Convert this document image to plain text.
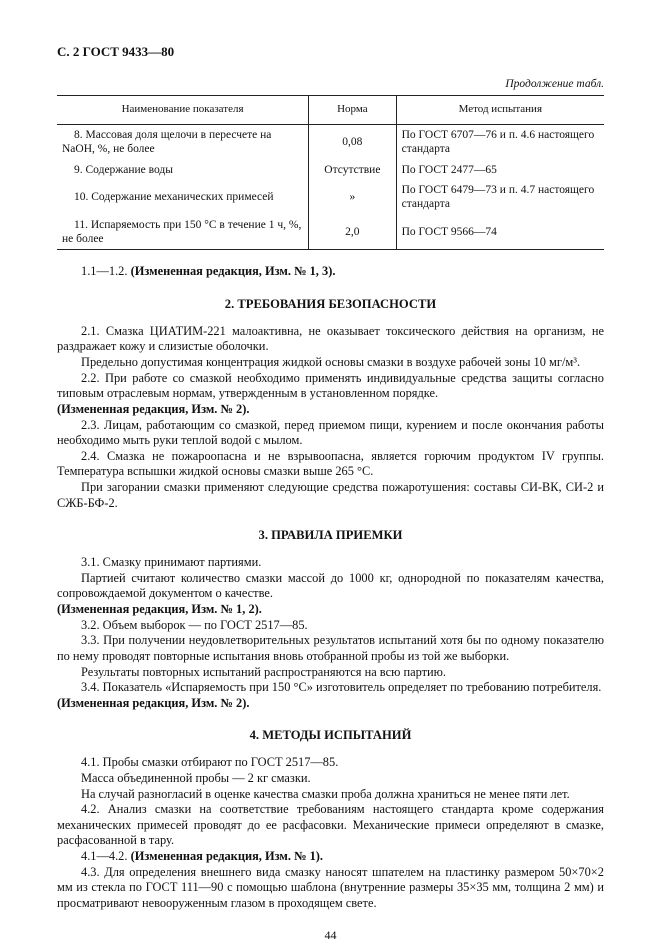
С. 2 ГОСТ 9433—80
Продолжение табл.
Наименование показателя	Норма	Метод испытания
8. Массовая доля щелочи в пересчете на NaOH, %, не более	0,08	По ГОСТ 6707—76 и п. 4.6 настоящего стандарта
9. Содержание воды	Отсутствие	По ГОСТ 2477—65
10. Содержание механических примесей	»	По ГОСТ 6479—73 и п. 4.7 настоящего стандарта
11. Испаряемость при 150 °С в течение 1 ч, %, не более	2,0	По ГОСТ 9566—74

1.1—1.2. (Измененная редакция, Изм. № 1, 3).

2. ТРЕБОВАНИЯ БЕЗОПАСНОСТИ

2.1. Смазка ЦИАТИМ-221 малоактивна, не оказывает токсического действия на организм, не раздражает кожу и слизистые оболочки.

Предельно допустимая концентрация жидкой основы смазки в воздухе рабочей зоны 10 мг/м³.

2.2. При работе со смазкой необходимо применять индивидуальные средства защиты согласно типовым отраслевым нормам, утвержденным в установленном порядке.

(Измененная редакция, Изм. № 2).

2.3. Лицам, работающим со смазкой, перед приемом пищи, курением и после окончания работы необходимо мыть руки теплой водой с мылом.

2.4. Смазка не пожароопасна и не взрывоопасна, является горючим продуктом IV группы. Температура вспышки жидкой основы смазки выше 265 °С.

При загорании смазки применяют следующие средства пожаротушения: составы СИ-ВК, СИ-2 и СЖБ-БФ-2.

3. ПРАВИЛА ПРИЕМКИ

3.1. Смазку принимают партиями.

Партией считают количество смазки массой до 1000 кг, однородной по показателям качества, сопровождаемой документом о качестве.

(Измененная редакция, Изм. № 1, 2).

3.2. Объем выборок — по ГОСТ 2517—85.

3.3. При получении неудовлетворительных результатов испытаний хотя бы по одному показателю по нему проводят повторные испытания вновь отобранной пробы из той же выборки.

Результаты повторных испытаний распространяются на всю партию.

3.4. Показатель «Испаряемость при 150 °С» изготовитель определяет по требованию потребителя.

(Измененная редакция, Изм. № 2).

4. МЕТОДЫ ИСПЫТАНИЙ

4.1. Пробы смазки отбирают по ГОСТ 2517—85.

Масса объединенной пробы — 2 кг смазки.

На случай разногласий в оценке качества смазки проба должна храниться не менее пяти лет.

4.2. Анализ смазки на соответствие требованиям настоящего стандарта кроме содержания механических примесей проводят до ее расфасовки. Механические примеси определяют в смазке, расфасованной в тару.

4.1—4.2. (Измененная редакция, Изм. № 1).

4.3. Для определения внешнего вида смазку наносят шпателем на пластинку размером 50×70×2 мм из стекла по ГОСТ 111—90 с помощью шаблона (внутренние размеры 35×35 мм, толщина 2 мм) и просматривают невооруженным глазом в проходящем свете.

44
